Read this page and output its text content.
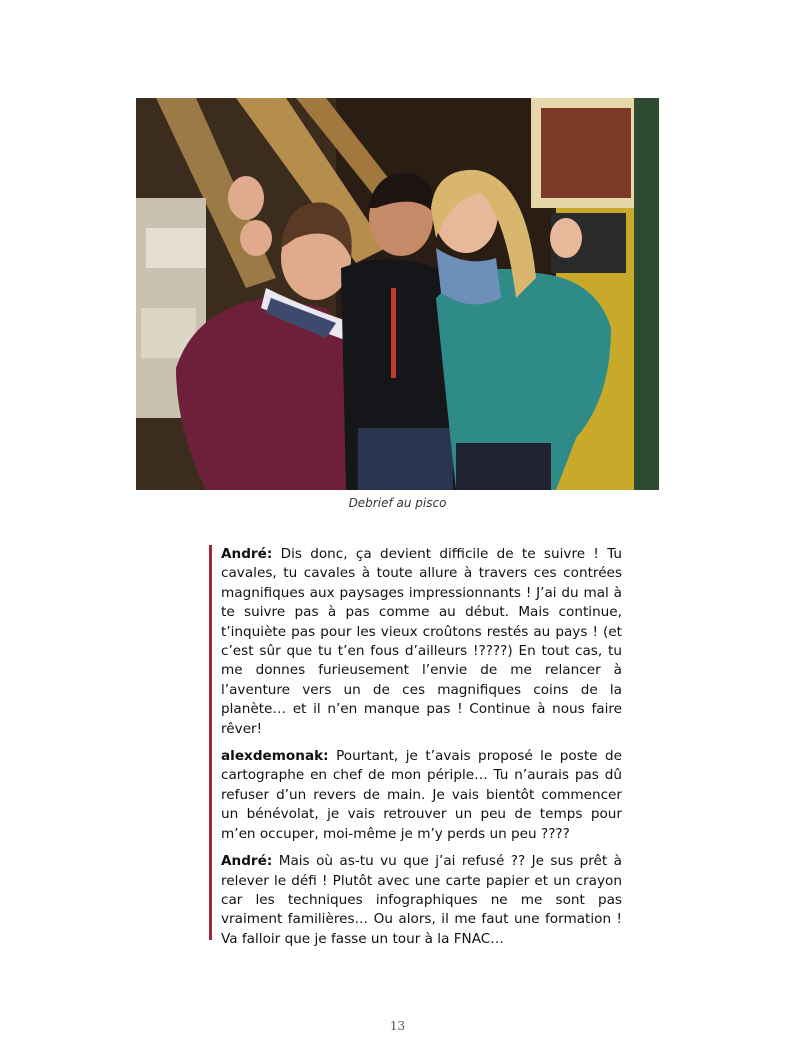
Debrief au pisco

André: Dis donc, ça devient difficile de te suivre ! Tu cavales, tu cavales à toute allure à travers ces contrées magnifiques aux paysages impressionnants ! J’ai du mal à te suivre pas à pas comme au début. Mais continue, t’inquiète pas pour les vieux croûtons restés au pays ! (et c’est sûr que tu t’en fous d’ailleurs !????) En tout cas, tu me donnes furieusement l’envie de me relancer à l’aventure vers un de ces magnifiques coins de la planète… et il n’en manque pas ! Continue à nous faire rêver!

alexdemonak: Pourtant, je t’avais proposé le poste de cartographe en chef de mon périple… Tu n’aurais pas dû refuser d’un revers de main. Je vais bientôt commencer un bénévolat, je vais retrouver un peu de temps pour m’en occuper, moi-même je m’y perds un peu ????

André: Mais où as-tu vu que j’ai refusé ?? Je sus prêt à relever le défi ! Plutôt avec une carte papier et un crayon car les techniques infographiques ne me sont pas vraiment familières… Ou alors, il me faut une formation ! Va falloir que je fasse un tour à la FNAC…

13
